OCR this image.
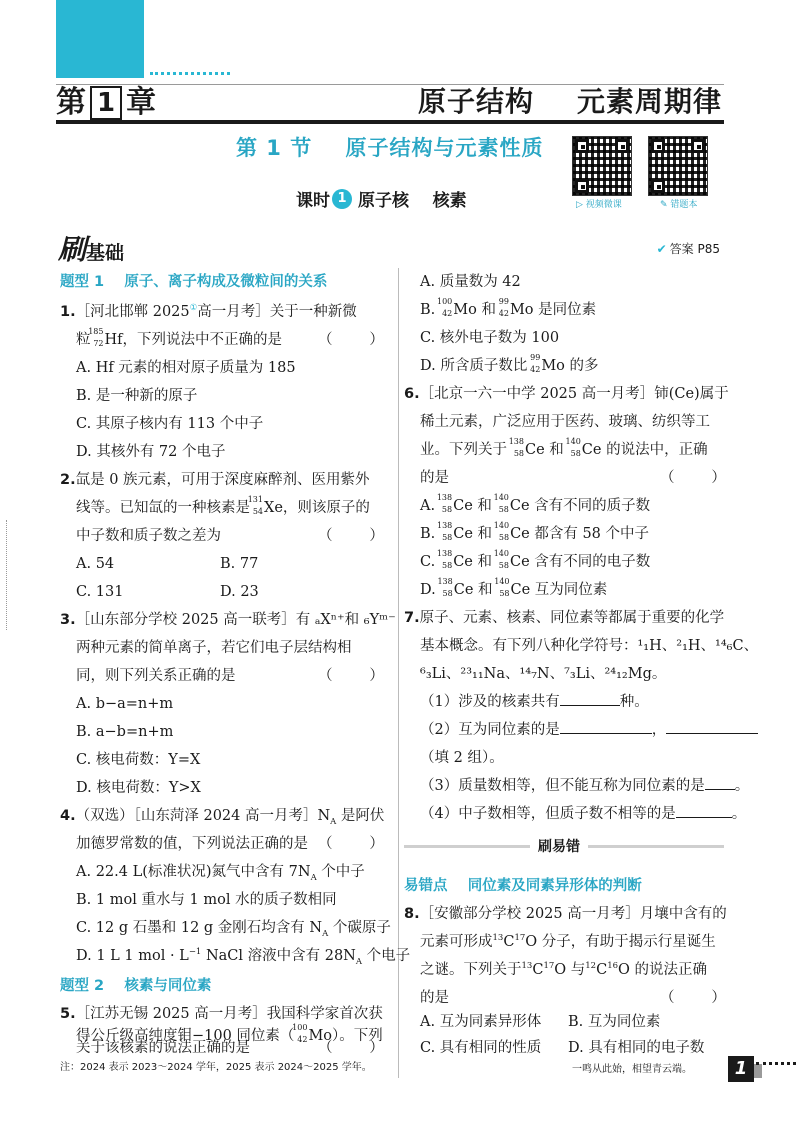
第 1 章	原子结构    元素周期律
第 1 节    原子结构与元素性质
课时 1 原子核    核素	▷ 视频微课	✎ 错题本
刷 基础	✔ 答案 P85
题型 1    原子、离子构成及微粒间的关系
1.［河北邯郸 2025①高一月考］关于一种新微
粒
185
72 Hf，下列说法中不正确的是 （        ）
A. Hf 元素的相对原子质量为 185
B. 是一种新的原子
C. 其原子核内有 113 个中子
D. 其核外有 72 个电子
2.氙是 0 族元素，可用于深度麻醉剂、医用紫外
线等。已知氙的一种核素是
131
54 Xe，则该原子的
中子数和质子数之差为	（        ）
A. 54	B. 77
C. 131	D. 23
3.［山东部分学校 2025 高一联考］有 ₐXⁿ⁺和 ₆Yᵐ⁻
两种元素的简单离子，若它们电子层结构相
同，则下列关系正确的是	（        ）
A. b−a=n+m
B. a−b=n+m
C. 核电荷数：Y=X
D. 核电荷数：Y>X
4.（双选）［山东菏泽 2024 高一月考$]N_A$ 是阿伏
加德罗常数的值，下列说法正确的是 （        ）
A. 22.4 L(标准状况)氮气中含有 $7N_A$ 个中子
B. 1 mol 重水与 1 mol 水的质子数相同
C. 12 g 石墨和 12 g 金刚石均含有 $N_A$ 个碳原子
D. 1 L 1 mol · $L^{-1}$ NaCl 溶液中含有 $28N_A$ 个电子
题型 2    核素与同位素
5.［江苏无锡 2025 高一月考］我国科学家首次获
得公斤级高纯度钼−100 同位素（
100
42 Mo）。下列
关于该核素的说法正确的是	（        ）
A. 质量数为 42
B.
100
42 Mo 和
99
42 Mo 是同位素
C. 核外电子数为 100
D. 所含质子数比
99
42 Mo 的多
6.［北京一六一中学 2025 高一月考］铈(Ce)属于
稀土元素，广泛应用于医药、玻璃、纺织等工
业。下列关于
138
58 Ce 和
140
58 Ce 的说法中，正确
的是	（        ）
A.
138
58 Ce 和
140
58 Ce 含有不同的质子数
B.
138
58 Ce 和
140
58 Ce 都含有 58 个中子
C.
138
58 Ce 和
140
58 Ce 含有不同的电子数
D.
138
58 Ce 和
140
58 Ce 互为同位素
7.原子、元素、核素、同位素等都属于重要的化学
基本概念。有下列八种化学符号：¹₁H、²₁H、¹⁴₆C、
⁶₃Li、²³₁₁Na、¹⁴₇N、⁷₃Li、²⁴₁₂Mg。
（1）涉及的核素共有	种。
（2）互为同位素的是	，
（填 2 组）。
（3）质量数相等，但不能互称为同位素的是 。
（4）中子数相等，但质子数不相等的是	。
刷易错
易错点    同位素及同素异形体的判断
8.［安徽部分学校 2025 高一月考］月壤中含有的
元素可形成$^{13}C^{17}O$ 分子，有助于揭示行星诞生
之谜。下列关于$^{13}C^{17}O$ 与$^{12}C^{16}O$ 的说法正确
的是	（        ）
A. 互为同素异形体 B. 互为同位素
C. 具有相同的性质 D. 具有相同的电子数
注：2024 表示 2023～2024 学年，2025 表示 2024～2025 学年。	一鸣从此始，相望青云端。	1
